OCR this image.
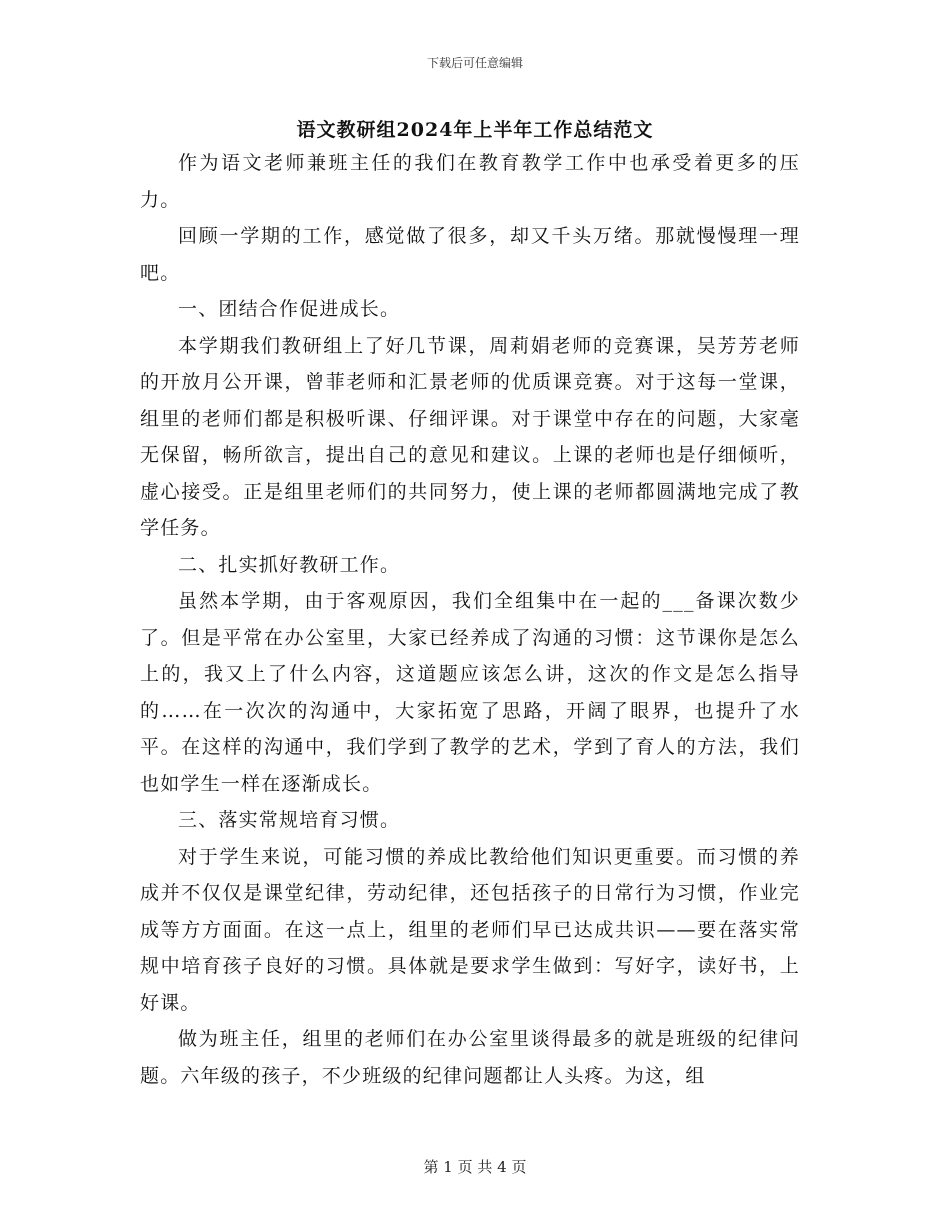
下载后可任意编辑
语文教研组2024年上半年工作总结范文

作为语文老师兼班主任的我们在教育教学工作中也承受着更多的压力。

回顾一学期的工作，感觉做了很多，却又千头万绪。那就慢慢理一理吧。

一、团结合作促进成长。

本学期我们教研组上了好几节课，周莉娟老师的竞赛课，吴芳芳老师的开放月公开课，曾菲老师和汇景老师的优质课竞赛。对于这每一堂课，组里的老师们都是积极听课、仔细评课。对于课堂中存在的问题，大家毫无保留，畅所欲言，提出自己的意见和建议。上课的老师也是仔细倾听，虚心接受。正是组里老师们的共同努力，使上课的老师都圆满地完成了教学任务。

二、扎实抓好教研工作。

虽然本学期，由于客观原因，我们全组集中在一起的___备课次数少了。但是平常在办公室里，大家已经养成了沟通的习惯：这节课你是怎么上的，我又上了什么内容，这道题应该怎么讲，这次的作文是怎么指导的……在一次次的沟通中，大家拓宽了思路，开阔了眼界，也提升了水平。在这样的沟通中，我们学到了教学的艺术，学到了育人的方法，我们也如学生一样在逐渐成长。

三、落实常规培育习惯。

对于学生来说，可能习惯的养成比教给他们知识更重要。而习惯的养成并不仅仅是课堂纪律，劳动纪律，还包括孩子的日常行为习惯，作业完成等方方面面。在这一点上，组里的老师们早已达成共识——要在落实常规中培育孩子良好的习惯。具体就是要求学生做到：写好字，读好书，上好课。

做为班主任，组里的老师们在办公室里谈得最多的就是班级的纪律问题。六年级的孩子，不少班级的纪律问题都让人头疼。为这，组

第 1 页 共 4 页
